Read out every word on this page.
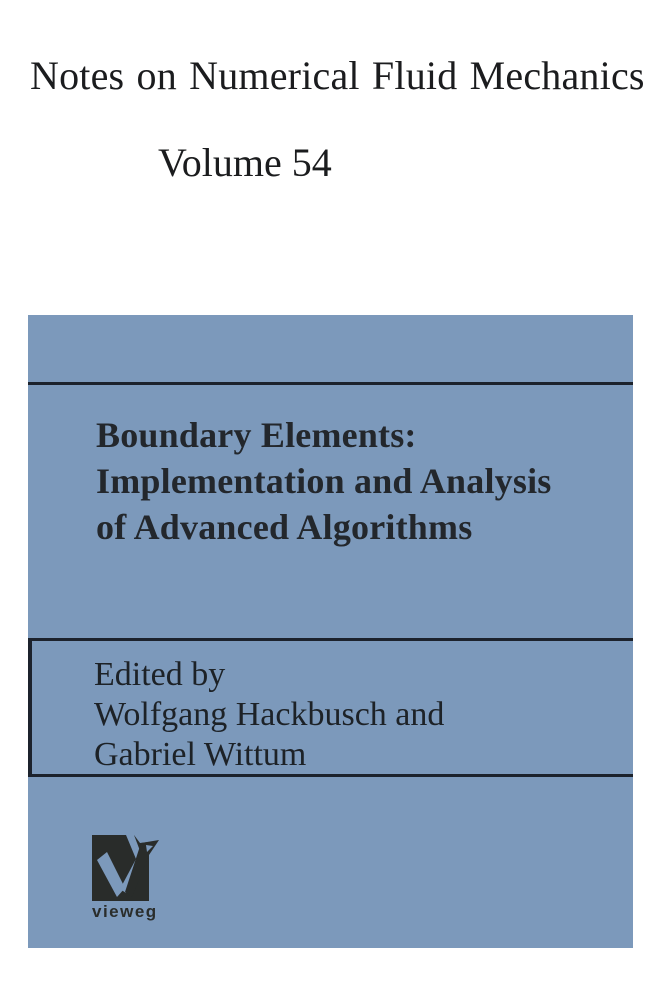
Notes on Numerical Fluid Mechanics
Volume 54
Boundary Elements:
Implementation and Analysis
of Advanced Algorithms
Edited by
Wolfgang Hackbusch and
Gabriel Wittum
vieweg
